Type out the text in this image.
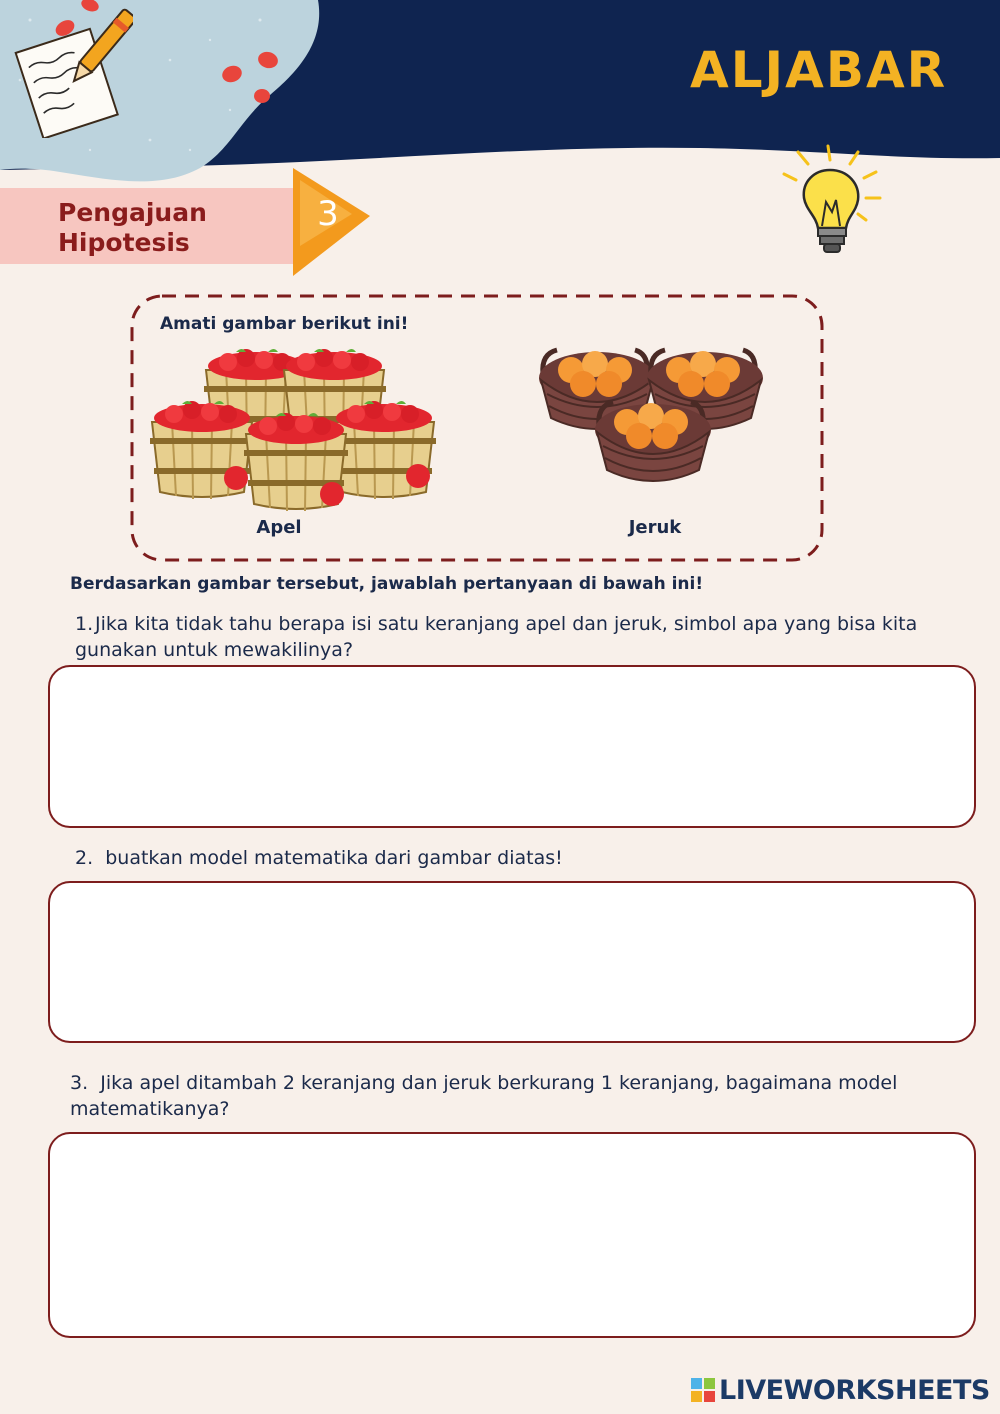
ALJABAR
Pengajuan
Hipotesis
3
Amati gambar berikut ini!
Apel	Jeruk
Berdasarkan gambar tersebut, jawablah pertanyaan di bawah ini!
1. Jika kita tidak tahu berapa isi satu keranjang apel dan jeruk, simbol apa yang bisa kita gunakan untuk mewakilinya?
2. buatkan model matematika dari gambar diatas!
3. Jika apel ditambah 2 keranjang dan jeruk berkurang 1 keranjang, bagaimana model matematikanya?
LIVEWORKSHEETS
